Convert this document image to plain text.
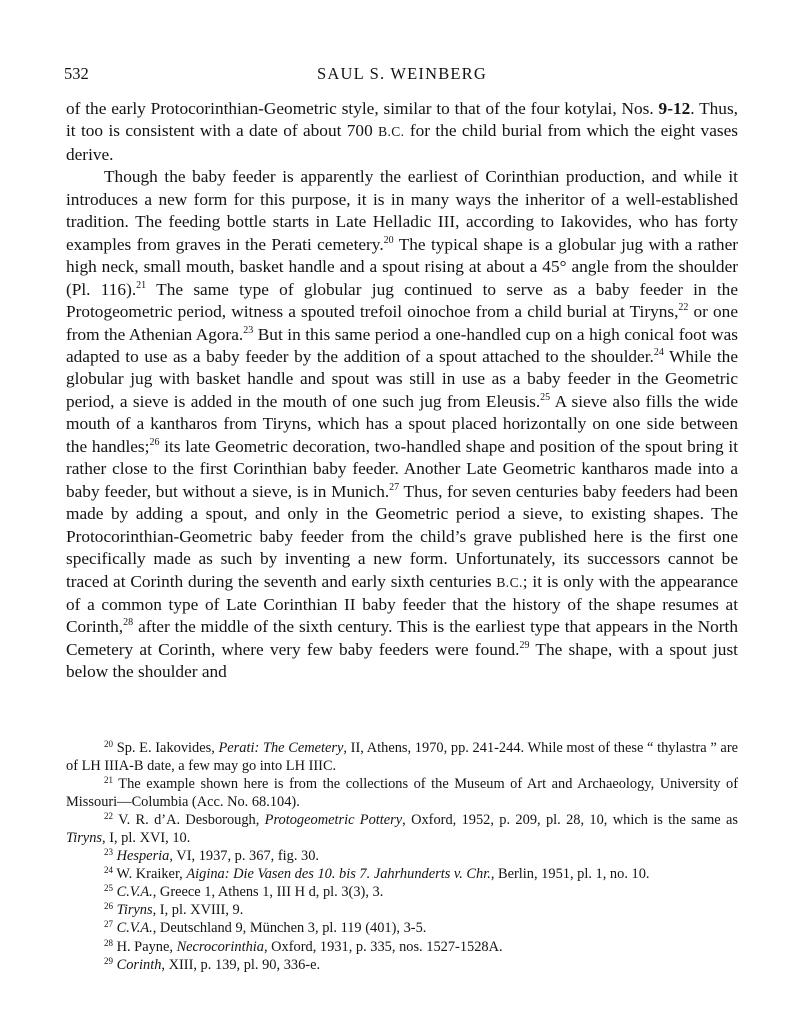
532	SAUL S. WEINBERG

of the early Protocorinthian-Geometric style, similar to that of the four kotylai, Nos. 9-12. Thus, it too is consistent with a date of about 700 B.C. for the child burial from which the eight vases derive.

Though the baby feeder is apparently the earliest of Corinthian production, and while it introduces a new form for this purpose, it is in many ways the inheritor of a well-established tradition. The feeding bottle starts in Late Helladic III, according to Iakovides, who has forty examples from graves in the Perati cemetery.$^{20}$ The typical shape is a globular jug with a rather high neck, small mouth, basket handle and a spout rising at about a 45° angle from the shoulder (Pl. 116).$^{21}$ The same type of globular jug continued to serve as a baby feeder in the Protogeometric period, witness a spouted trefoil oinochoe from a child burial at Tiryns,$^{22}$ or one from the Athenian Agora.$^{23}$ But in this same period a one-handled cup on a high conical foot was adapted to use as a baby feeder by the addition of a spout attached to the shoulder.$^{24}$ While the globular jug with basket handle and spout was still in use as a baby feeder in the Geometric period, a sieve is added in the mouth of one such jug from Eleusis.$^{25}$ A sieve also fills the wide mouth of a kantharos from Tiryns, which has a spout placed horizontally on one side between the handles;$^{26}$ its late Geometric decoration, two-handled shape and position of the spout bring it rather close to the first Corinthian baby feeder. Another Late Geometric kantharos made into a baby feeder, but without a sieve, is in Munich.$^{27}$ Thus, for seven centuries baby feeders had been made by adding a spout, and only in the Geometric period a sieve, to existing shapes. The Protocorinthian-Geometric baby feeder from the child’s grave published here is the first one specifically made as such by inventing a new form. Unfortunately, its successors cannot be traced at Corinth during the seventh and early sixth centuries B.C.; it is only with the appearance of a common type of Late Corinthian II baby feeder that the history of the shape resumes at Corinth,$^{28}$ after the middle of the sixth century. This is the earliest type that appears in the North Cemetery at Corinth, where very few baby feeders were found.$^{29}$ The shape, with a spout just below the shoulder and

$^{20}$ Sp. E. Iakovides, Perati: The Cemetery, II, Athens, 1970, pp. 241-244. While most of these “ thylastra ” are of LH IIIA-B date, a few may go into LH IIIC.

$^{21}$ The example shown here is from the collections of the Museum of Art and Archaeology, University of Missouri—Columbia (Acc. No. 68.104).

$^{22}$ V. R. d’A. Desborough, Protogeometric Pottery, Oxford, 1952, p. 209, pl. 28, 10, which is the same as Tiryns, I, pl. XVI, 10.

$^{23}$ Hesperia, VI, 1937, p. 367, fig. 30.

$^{24}$ W. Kraiker, Aigina: Die Vasen des 10. bis 7. Jahrhunderts v. Chr., Berlin, 1951, pl. 1, no. 10.

$^{25}$ C.V.A., Greece 1, Athens 1, III H d, pl. 3(3), 3.

$^{26}$ Tiryns, I, pl. XVIII, 9.

$^{27}$ C.V.A., Deutschland 9, München 3, pl. 119 (401), 3-5.

$^{28}$ H. Payne, Necrocorinthia, Oxford, 1931, p. 335, nos. 1527-1528A.

$^{29}$ Corinth, XIII, p. 139, pl. 90, 336-e.
